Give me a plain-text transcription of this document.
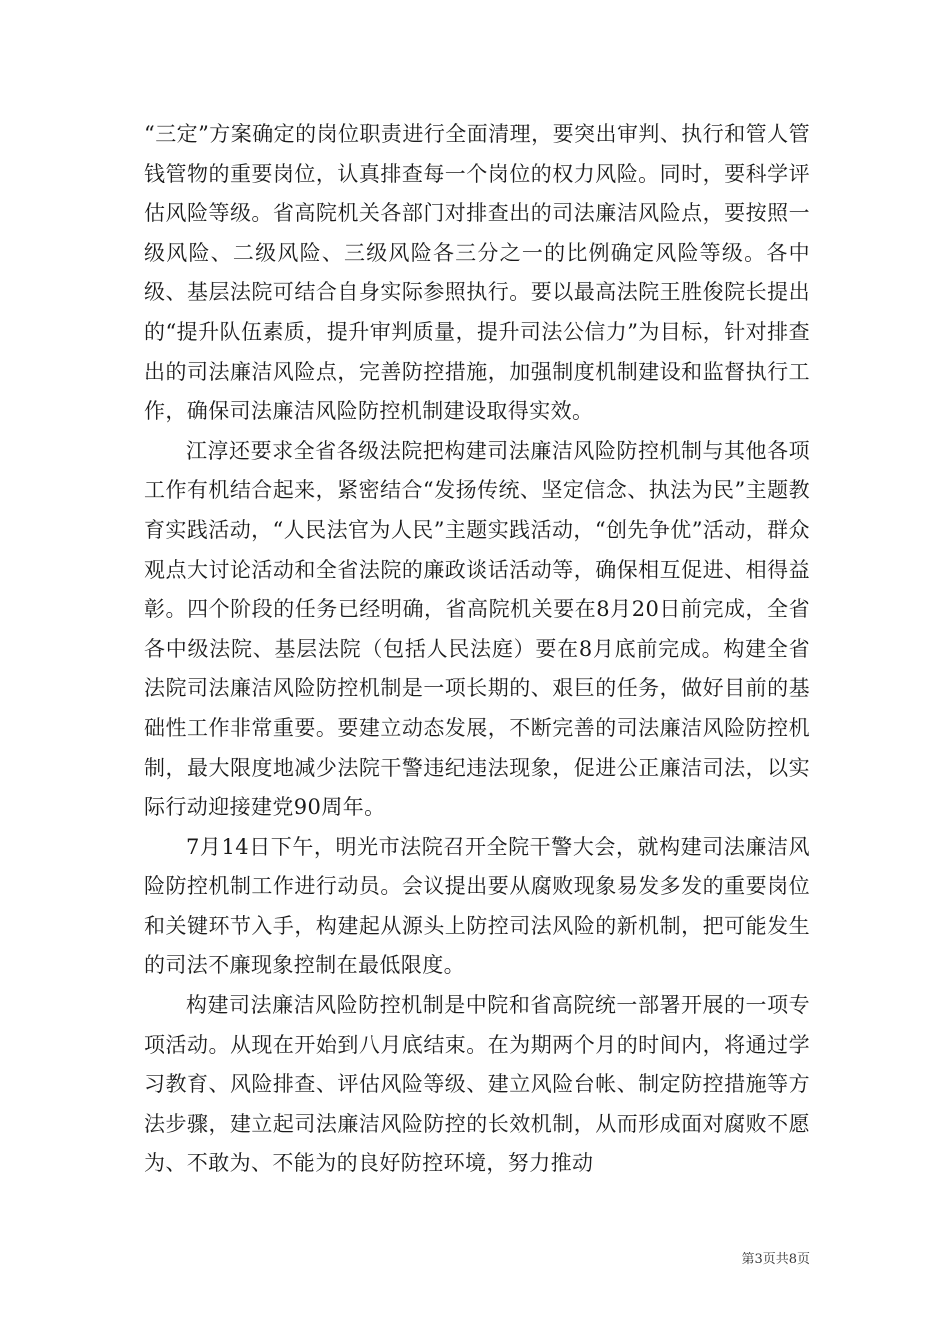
“三定”方案确定的岗位职责进行全面清理，要突出审判、执行和管人管钱管物的重要岗位，认真排查每一个岗位的权力风险。同时，要科学评估风险等级。省高院机关各部门对排查出的司法廉洁风险点，要按照一级风险、二级风险、三级风险各三分之一的比例确定风险等级。各中级、基层法院可结合自身实际参照执行。要以最高法院王胜俊院长提出的“提升队伍素质，提升审判质量，提升司法公信力”为目标，针对排查出的司法廉洁风险点，完善防控措施，加强制度机制建设和监督执行工作，确保司法廉洁风险防控机制建设取得实效。

江淳还要求全省各级法院把构建司法廉洁风险防控机制与其他各项工作有机结合起来，紧密结合“发扬传统、坚定信念、执法为民”主题教育实践活动，“人民法官为人民”主题实践活动，“创先争优”活动，群众观点大讨论活动和全省法院的廉政谈话活动等，确保相互促进、相得益彰。四个阶段的任务已经明确，省高院机关要在8月20日前完成，全省各中级法院、基层法院（包括人民法庭）要在8月底前完成。构建全省法院司法廉洁风险防控机制是一项长期的、艰巨的任务，做好目前的基础性工作非常重要。要建立动态发展，不断完善的司法廉洁风险防控机制，最大限度地减少法院干警违纪违法现象，促进公正廉洁司法，以实际行动迎接建党90周年。

7月14日下午，明光市法院召开全院干警大会，就构建司法廉洁风险防控机制工作进行动员。会议提出要从腐败现象易发多发的重要岗位和关键环节入手，构建起从源头上防控司法风险的新机制，把可能发生的司法不廉现象控制在最低限度。

构建司法廉洁风险防控机制是中院和省高院统一部署开展的一项专项活动。从现在开始到八月底结束。在为期两个月的时间内，将通过学习教育、风险排查、评估风险等级、建立风险台帐、制定防控措施等方法步骤，建立起司法廉洁风险防控的长效机制，从而形成面对腐败不愿为、不敢为、不能为的良好防控环境，努力推动

第3页共8页
